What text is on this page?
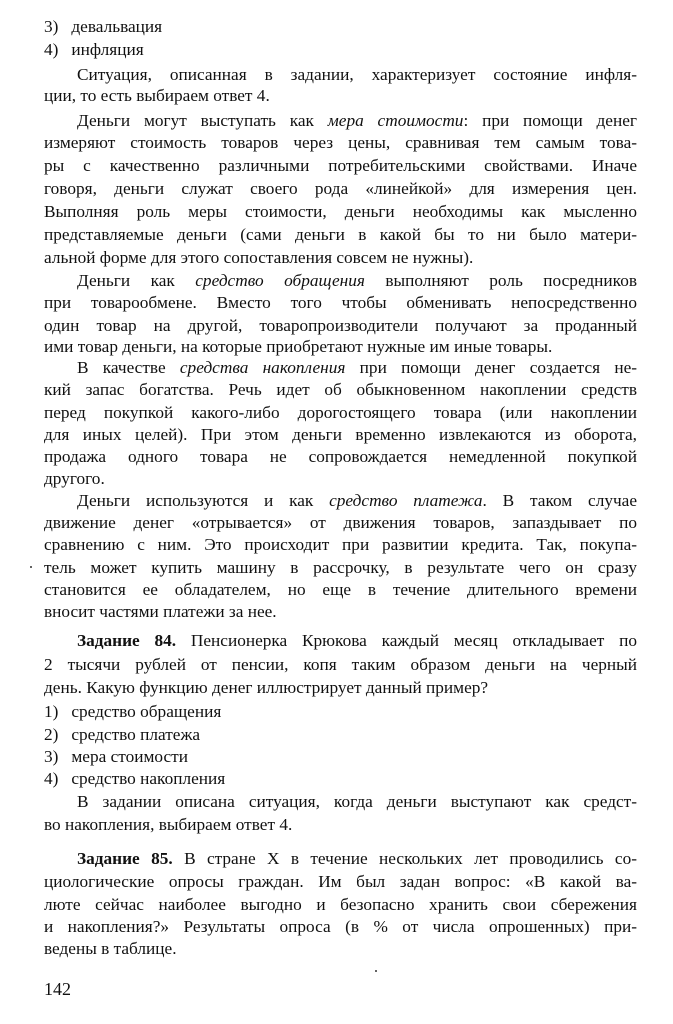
3)   девальвация
4)   инфляция
Ситуация, описанная в задании, характеризует состояние инфля-
ции, то есть выбираем ответ 4.
Деньги могут выступать как мера стоимости: при помощи денег
измеряют стоимость товаров через цены, сравнивая тем самым това-
ры с качественно различными потребительскими свойствами. Иначе
говоря, деньги служат своего рода «линейкой» для измерения цен.
Выполняя роль меры стоимости, деньги необходимы как мысленно
представляемые деньги (сами деньги в какой бы то ни было матери-
альной форме для этого сопоставления совсем не нужны).
Деньги как средство обращения выполняют роль посредников
при товарообмене. Вместо того чтобы обменивать непосредственно
один товар на другой, товаропроизводители получают за проданный
ими товар деньги, на которые приобретают нужные им иные товары.
В качестве средства накопления при помощи денег создается не-
кий запас богатства. Речь идет об обыкновенном накоплении средств
перед покупкой какого-либо дорогостоящего товара (или накоплении
для иных целей). При этом деньги временно извлекаются из оборота,
продажа одного товара не сопровождается немедленной покупкой
другого.
Деньги используются и как средство платежа. В таком случае
движение денег «отрывается» от движения товаров, запаздывает по
сравнению с ним. Это происходит при развитии кредита. Так, покупа-
тель может купить машину в рассрочку, в результате чего он сразу
становится ее обладателем, но еще в течение длительного времени
вносит частями платежи за нее.
Задание 84. Пенсионерка Крюкова каждый месяц откладывает по
2 тысячи рублей от пенсии, копя таким образом деньги на черный
день. Какую функцию денег иллюстрирует данный пример?
1)   средство обращения
2)   средство платежа
3)   мера стоимости
4)   средство накопления
В задании описана ситуация, когда деньги выступают как средст-
во накопления, выбираем ответ 4.
Задание 85. В стране Х в течение нескольких лет проводились со-
циологические опросы граждан. Им был задан вопрос: «В какой ва-
люте сейчас наиболее выгодно и безопасно хранить свои сбережения
и накопления?» Результаты опроса (в % от числа опрошенных) при-
ведены в таблице.
142
